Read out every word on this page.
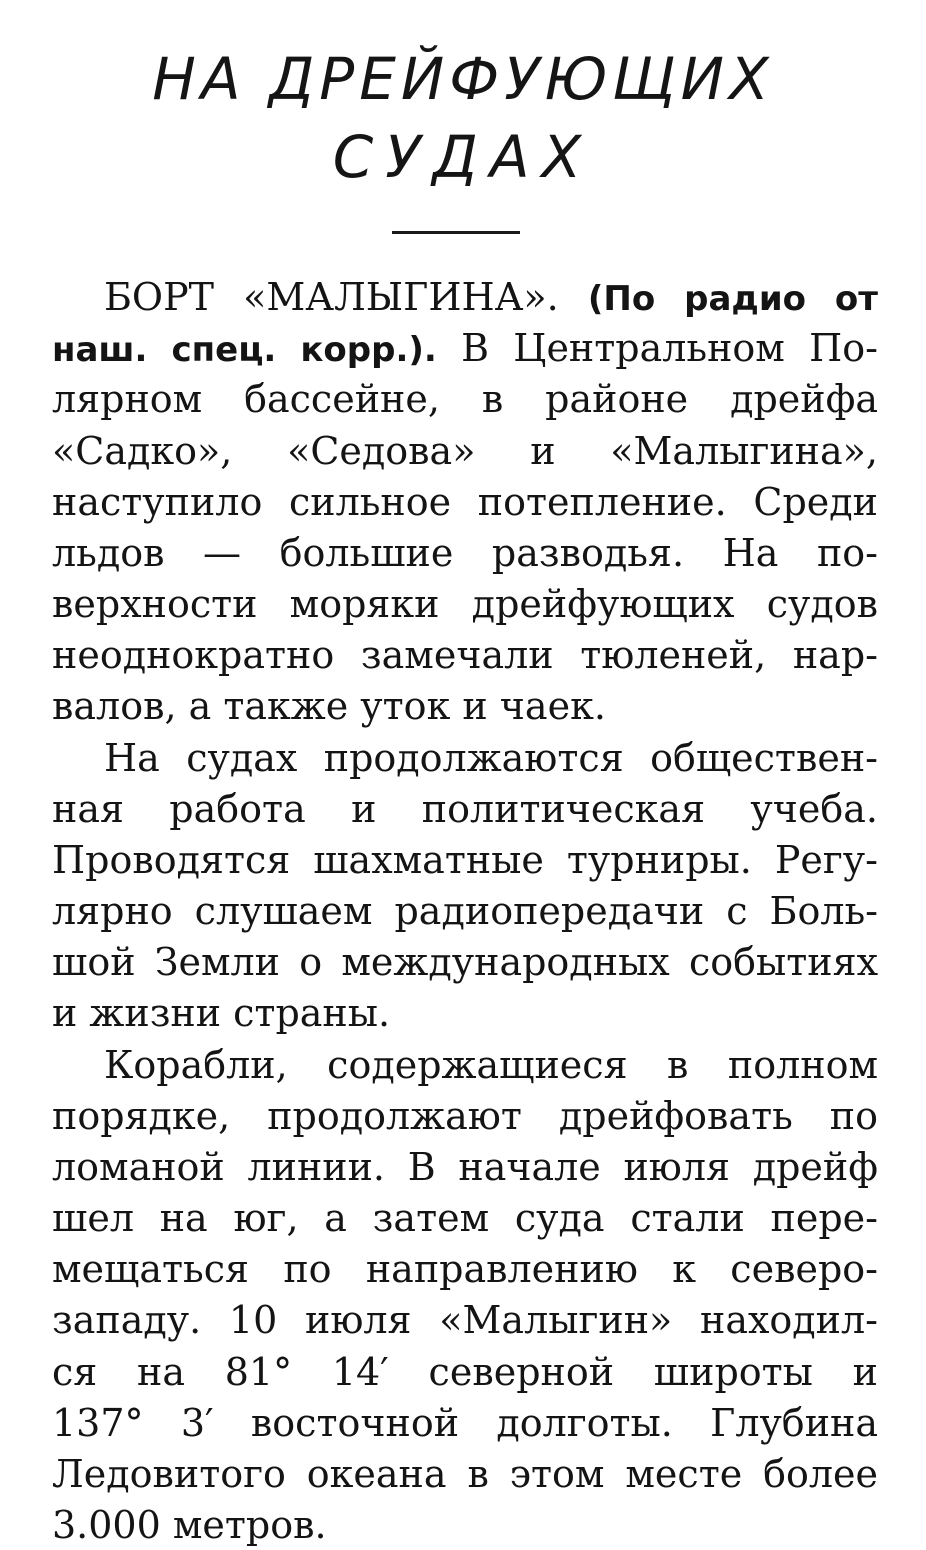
НА ДРЕЙФУЮЩИХ
СУДАХ
БОРТ «МАЛЫГИНА». (По радио от
наш. спец. корр.). В Центральном По-
лярном бассейне, в районе дрейфа
«Садко», «Седова» и «Малыгина»,
наступило сильное потепление. Среди
льдов — большие разводья. На по-
верхности моряки дрейфующих судов
неоднократно замечали тюленей, нар-
валов, а также уток и чаек.
На судах продолжаются обществен-
ная работа и политическая учеба.
Проводятся шахматные турниры. Регу-
лярно слушаем радиопередачи с Боль-
шой Земли о международных событиях
и жизни страны.
Корабли, содержащиеся в полном
порядке, продолжают дрейфовать по
ломаной линии. В начале июля дрейф
шел на юг, а затем суда стали пере-
мещаться по направлению к северо-
западу. 10 июля «Малыгин» находил-
ся на 81° 14′ северной широты и
137° 3′ восточной долготы. Глубина
Ледовитого океана в этом месте более
3.000 метров.
